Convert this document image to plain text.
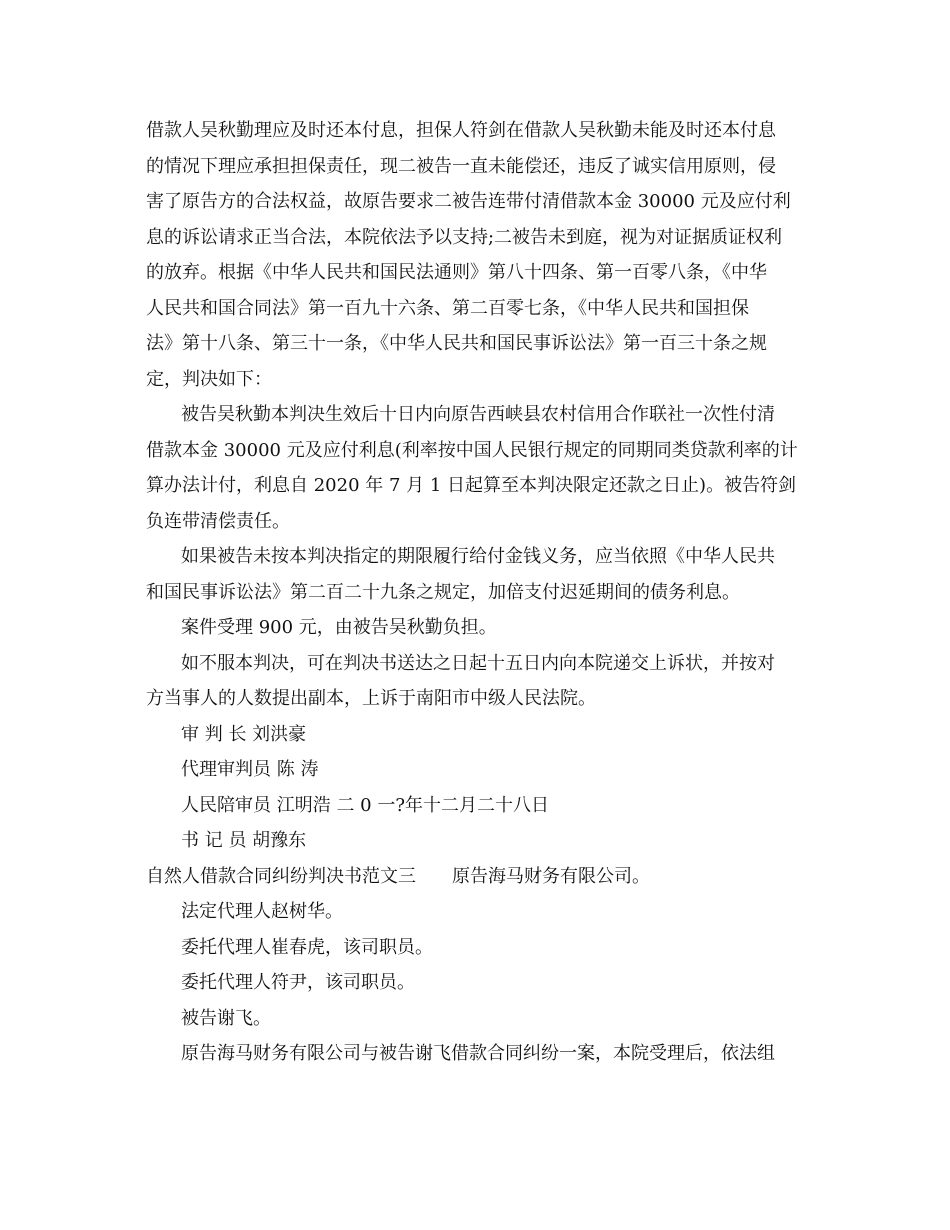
借款人吴秋勤理应及时还本付息，担保人符剑在借款人吴秋勤未能及时还本付息
的情况下理应承担担保责任，现二被告一直未能偿还，违反了诚实信用原则，侵
害了原告方的合法权益，故原告要求二被告连带付清借款本金 30000 元及应付利
息的诉讼请求正当合法，本院依法予以支持;二被告未到庭，视为对证据质证权利
的放弃。根据《中华人民共和国民法通则》第八十四条、第一百零八条，《中华
人民共和国合同法》第一百九十六条、第二百零七条，《中华人民共和国担保
法》第十八条、第三十一条，《中华人民共和国民事诉讼法》第一百三十条之规
定，判决如下：
被告吴秋勤本判决生效后十日内向原告西峡县农村信用合作联社一次性付清
借款本金 30000 元及应付利息(利率按中国人民银行规定的同期同类贷款利率的计
算办法计付，利息自 2020 年 7 月 1 日起算至本判决限定还款之日止)。被告符剑
负连带清偿责任。
如果被告未按本判决指定的期限履行给付金钱义务，应当依照《中华人民共
和国民事诉讼法》第二百二十九条之规定，加倍支付迟延期间的债务利息。
案件受理 900 元，由被告吴秋勤负担。
如不服本判决，可在判决书送达之日起十五日内向本院递交上诉状，并按对
方当事人的人数提出副本，上诉于南阳市中级人民法院。
审 判 长 刘洪豪
代理审判员 陈 涛
人民陪审员 江明浩 二 0 一?年十二月二十八日
书 记 员 胡豫东
自然人借款合同纠纷判决书范文三 原告海马财务有限公司。
法定代理人赵树华。
委托代理人崔春虎，该司职员。
委托代理人符尹，该司职员。
被告谢飞。
原告海马财务有限公司与被告谢飞借款合同纠纷一案，本院受理后，依法组
